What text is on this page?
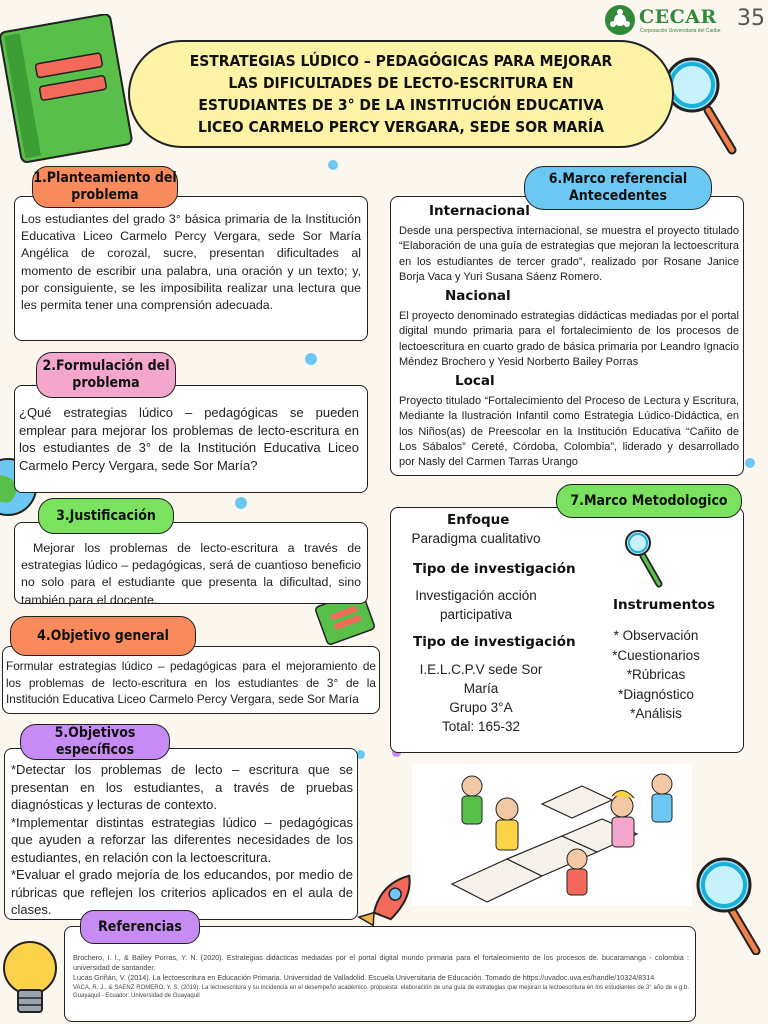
CECAR
Corporación Universitaria del Caribe 35
ESTRATEGIAS LÚDICO – PEDAGÓGICAS PARA MEJORAR LAS DIFICULTADES DE LECTO-ESCRITURA EN ESTUDIANTES DE 3° DE LA INSTITUCIÓN EDUCATIVA LICEO CARMELO PERCY VERGARA, SEDE SOR MARÍA
Los estudiantes del grado 3° básica primaria de la Institución Educativa Liceo Carmelo Percy Vergara, sede Sor María Angélica de corozal, sucre, presentan dificultades al momento de escribir una palabra, una oración y un texto; y, por consiguiente, se les imposibilita realizar una lectura que les permita tener una comprensión adecuada.
1.Planteamiento del problema
¿Qué estrategias lúdico – pedagógicas se pueden emplear para mejorar los problemas de lecto-escritura en los estudiantes de 3° de la Institución Educativa Liceo Carmelo Percy Vergara, sede Sor María?
2.Formulación del problema
Mejorar los problemas de lecto-escritura a través de estrategias lúdico – pedagógicas, será de cuantioso beneficio no solo para el estudiante que presenta la dificultad, sino también para el docente.
3.Justificación
Formular estrategias lúdico – pedagógicas para el mejoramiento de los problemas de lecto-escritura en los estudiantes de 3° de la Institución Educativa Liceo Carmelo Percy Vergara, sede Sor María
4.Objetivo general
*Detectar los problemas de lecto – escritura que se presentan en los estudiantes, a través de pruebas diagnósticas y lecturas de contexto.
*Implementar distintas estrategias lúdico – pedagógicas que ayuden a reforzar las diferentes necesidades de los estudiantes, en relación con la lectoescritura.
*Evaluar el grado mejoría de los educandos, por medio de rúbricas que reflejen los criterios aplicados en el aula de clases.
5.Objetivos específicos
Internacional
Desde una perspectiva internacional, se muestra el proyecto titulado “Elaboración de una guía de estrategias que mejoran la lectoescritura en los estudiantes de tercer grado”, realizado por Rosane Janice Borja Vaca y Yuri Susana Sáenz Romero.
Nacional
El proyecto denominado estrategias didácticas mediadas por el portal digital mundo primaria para el fortalecimiento de los procesos de lectoescritura en cuarto grado de básica primaria por Leandro Ignacio Méndez Brochero y Yesid Norberto Bailey Porras
Local
Proyecto titulado “Fortalecimiento del Proceso de Lectura y Escritura, Mediante la Ilustración Infantil como Estrategia Lúdico-Didáctica, en los Niños(as) de Preescolar en la Institución Educativa “Cañito de Los Sábalos” Cereté, Córdoba, Colombia”, liderado y desarrollado por Nasly del Carmen Tarras Urango
6.Marco referencial Antecedentes
Enfoque
Paradigma cualitativo
Tipo de investigación
Investigación acción participativa
Tipo de investigación
I.E.L.C.P.V sede Sor María
Grupo 3°A
Total: 165-32
Instrumentos
* Observación
*Cuestionarios
*Rúbricas
*Diagnóstico
*Análisis
7.Marco Metodologico
Brochero, I. I., & Bailey Porras, Y. N. (2020). Estrategias didácticas mediadas por el portal digital mundo primaria para el fortalecimiento de los procesos de. bucaramanga - colombia : universidad de santander.
Lucas Griñán, V. (2014). La lectoescritura en Educación Primaria. Universidad de Valladolid. Escuela Universitaria de Educación. Tomado de https://uvadoc.uva.es/handle/10324/8314
VACA, R. J., & SAENZ ROMERO, Y. S. (2019). La lectoescritura y su incidencia en el desempeño académico. propuesta: elaboración de una guía de estrategias que mejoran la lectoescritura en los estudiantes de 3° año de e.g.b. Guayaquil - Ecuador: Universidad de Guayaquil
Referencias
